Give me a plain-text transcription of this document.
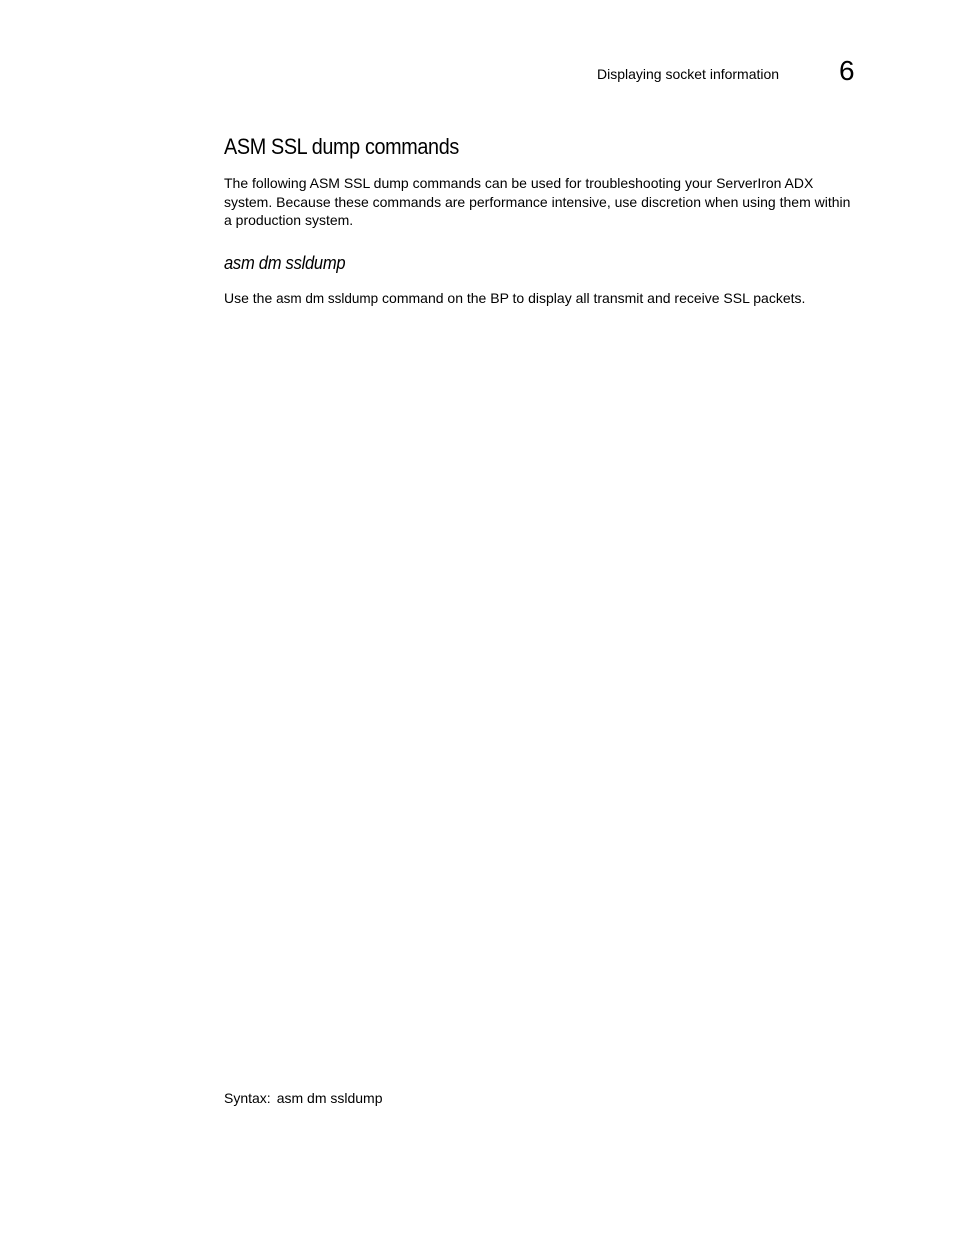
Displaying socket information 6
ASM SSL dump commands

The following ASM SSL dump commands can be used for troubleshooting your ServerIron ADX system. Because these commands are performance intensive, use discretion when using them within a production system.

asm dm ssldump

Use the asm dm ssldump command on the BP to display all transmit and receive SSL packets.

Syntax: asm dm ssldump
